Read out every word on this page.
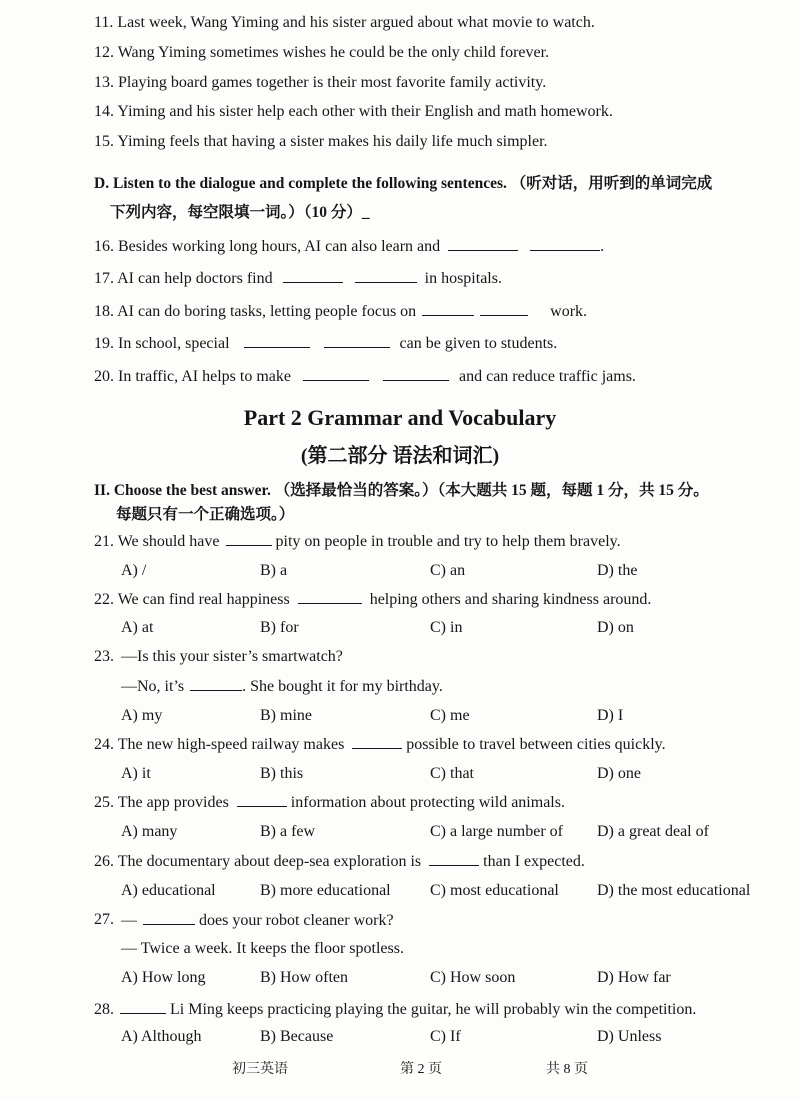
11. Last week, Wang Yiming and his sister argued about what movie to watch.
12. Wang Yiming sometimes wishes he could be the only child forever.
13. Playing board games together is their most favorite family activity.
14. Yiming and his sister help each other with their English and math homework.
15. Yiming feels that having a sister makes his daily life much simpler.
D. Listen to the dialogue and complete the following sentences. （听对话，用听到的单词完成
下列内容，每空限填一词。）（10 分）_
16. Besides working long hours, AI can also learn and	.
17. AI can help doctors find	in hospitals.
18. AI can do boring tasks, letting people focus on	work.
19. In school, special	can be given to students.
20. In traffic, AI helps to make	and can reduce traffic jams.
Part 2 Grammar and Vocabulary
(第二部分 语法和词汇)
II. Choose the best answer. （选择最恰当的答案。）（本大题共 15 题，每题 1 分，共 15 分。
每题只有一个正确选项。）
21. We should have	pity on people in trouble and try to help them bravely.
A) /	B) a	C) an	D) the
22. We can find real happiness	helping others and sharing kindness around.
A) at	B) for	C) in	D) on
23. —Is this your sister’s smartwatch?
—No, it’s	. She bought it for my birthday.
A) my	B) mine	C) me	D) I
24. The new high-speed railway makes	possible to travel between cities quickly.
A) it	B) this	C) that	D) one
25. The app provides	information about protecting wild animals.
A) many	B) a few	C) a large number of D) a great deal of
26. The documentary about deep-sea exploration is	than I expected.
A) educational	B) more educational C) most educational D) the most educational
27. —	does your robot cleaner work?
— Twice a week. It keeps the floor spotless.
A) How long	B) How often	C) How soon	D) How far
28.	Li Ming keeps practicing playing the guitar, he will probably win the competition.
A) Although	B) Because	C) If	D) Unless
初三英语	第 2 页	共 8 页
